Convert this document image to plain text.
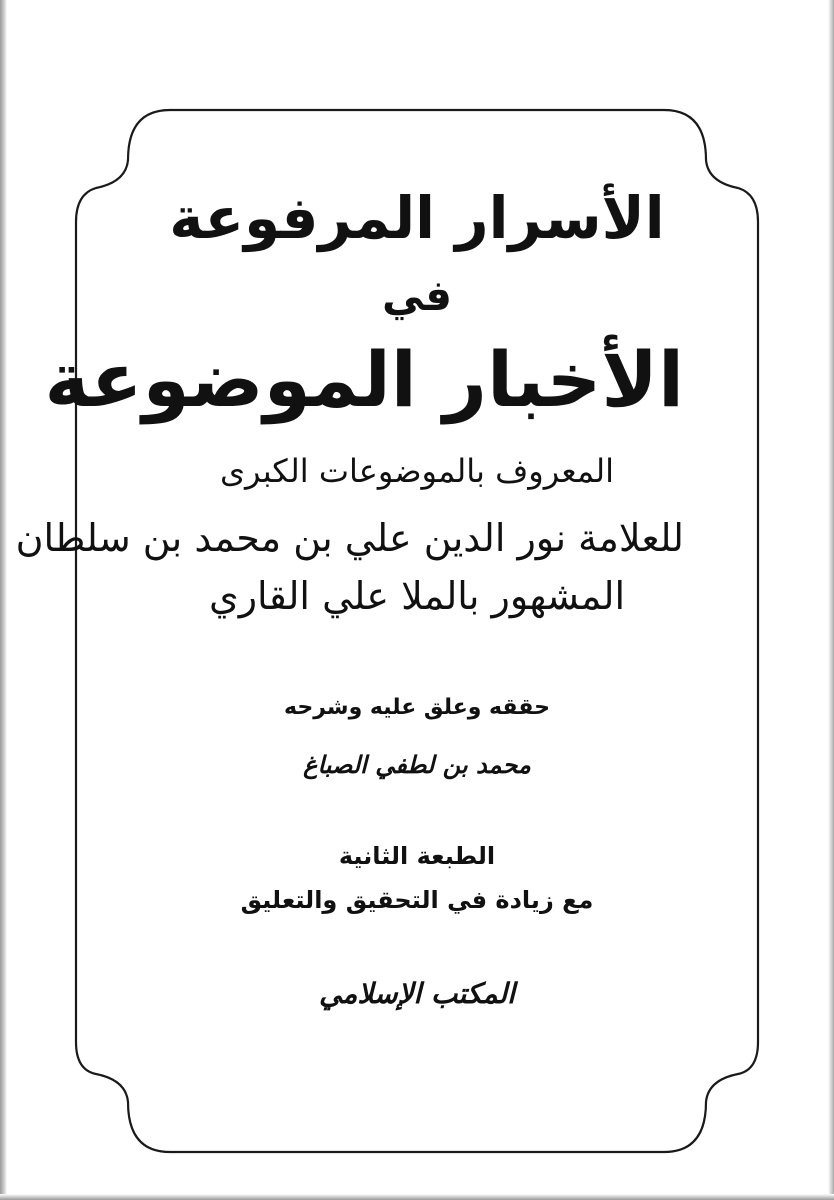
الأسرار المرفوعة
في
الأخبار الموضوعة
المعروف بالموضوعات الكبرى
للعلامة نور الدين علي بن محمد بن سلطان
المشهور بالملا علي القاري
حققه وعلق عليه وشرحه
محمد بن لطفي الصباغ
الطبعة الثانية
مع زيادة في التحقيق والتعليق
المكتب الإسلامي
